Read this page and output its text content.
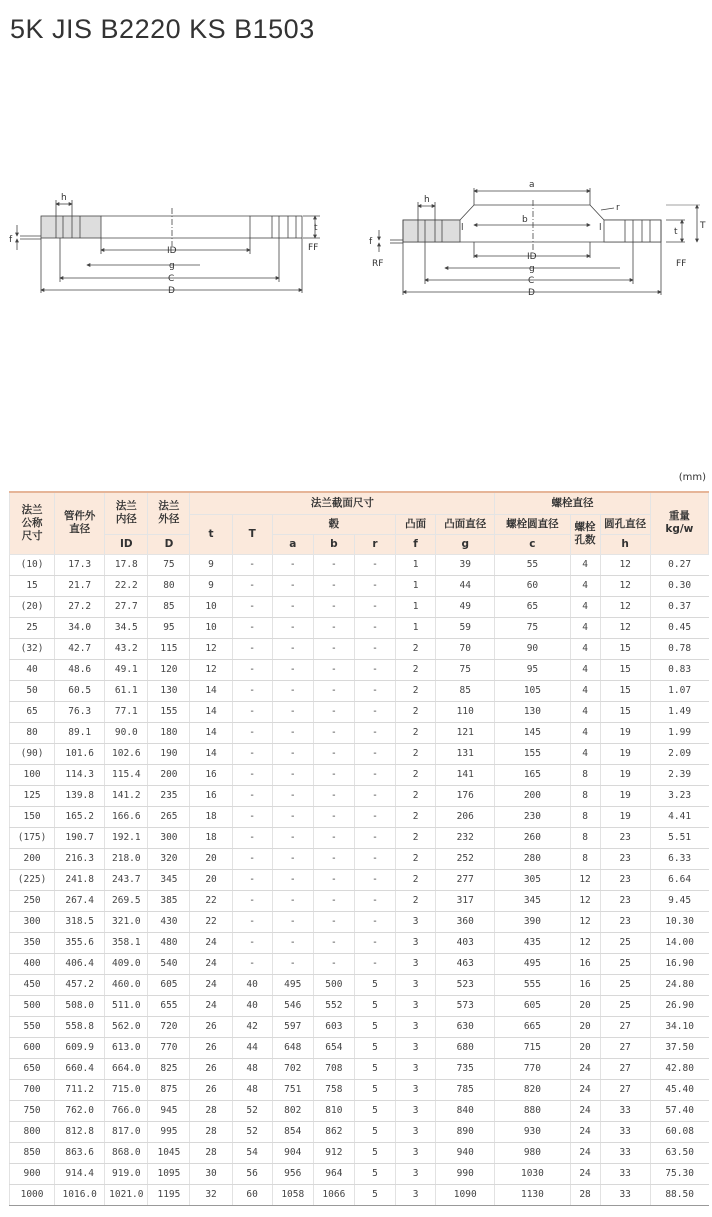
5K JIS B2220 KS B1503
h
f
t
FF
ID
g
C
D
h
f
RF
a
b
r
l	l	t
T
FF
ID
g
C
D
(mm)
法兰公称尺寸	管件外直径	法兰内径	法兰外径	法兰截面尺寸							螺栓直径			重量kg/w
				t	T	毂			凸面	凸面直径	螺栓圆直径	螺栓孔数	圆孔直径	
		ID	D			a	b	r	f	g	c		h	
(10)	17.3	17.8	75	9	-	-	-	-	1	39	55	4	12	0.27
15	21.7	22.2	80	9	-	-	-	-	1	44	60	4	12	0.30
(20)	27.2	27.7	85	10	-	-	-	-	1	49	65	4	12	0.37
25	34.0	34.5	95	10	-	-	-	-	1	59	75	4	12	0.45
(32)	42.7	43.2	115	12	-	-	-	-	2	70	90	4	15	0.78
40	48.6	49.1	120	12	-	-	-	-	2	75	95	4	15	0.83
50	60.5	61.1	130	14	-	-	-	-	2	85	105	4	15	1.07
65	76.3	77.1	155	14	-	-	-	-	2	110	130	4	15	1.49
80	89.1	90.0	180	14	-	-	-	-	2	121	145	4	19	1.99
(90)	101.6	102.6	190	14	-	-	-	-	2	131	155	4	19	2.09
100	114.3	115.4	200	16	-	-	-	-	2	141	165	8	19	2.39
125	139.8	141.2	235	16	-	-	-	-	2	176	200	8	19	3.23
150	165.2	166.6	265	18	-	-	-	-	2	206	230	8	19	4.41
(175)	190.7	192.1	300	18	-	-	-	-	2	232	260	8	23	5.51
200	216.3	218.0	320	20	-	-	-	-	2	252	280	8	23	6.33
(225)	241.8	243.7	345	20	-	-	-	-	2	277	305	12	23	6.64
250	267.4	269.5	385	22	-	-	-	-	2	317	345	12	23	9.45
300	318.5	321.0	430	22	-	-	-	-	3	360	390	12	23	10.30
350	355.6	358.1	480	24	-	-	-	-	3	403	435	12	25	14.00
400	406.4	409.0	540	24	-	-	-	-	3	463	495	16	25	16.90
450	457.2	460.0	605	24	40	495	500	5	3	523	555	16	25	24.80
500	508.0	511.0	655	24	40	546	552	5	3	573	605	20	25	26.90
550	558.8	562.0	720	26	42	597	603	5	3	630	665	20	27	34.10
600	609.9	613.0	770	26	44	648	654	5	3	680	715	20	27	37.50
650	660.4	664.0	825	26	48	702	708	5	3	735	770	24	27	42.80
700	711.2	715.0	875	26	48	751	758	5	3	785	820	24	27	45.40
750	762.0	766.0	945	28	52	802	810	5	3	840	880	24	33	57.40
800	812.8	817.0	995	28	52	854	862	5	3	890	930	24	33	60.08
850	863.6	868.0	1045	28	54	904	912	5	3	940	980	24	33	63.50
900	914.4	919.0	1095	30	56	956	964	5	3	990	1030	24	33	75.30
1000	1016.0	1021.0	1195	32	60	1058	1066	5	3	1090	1130	28	33	88.50
